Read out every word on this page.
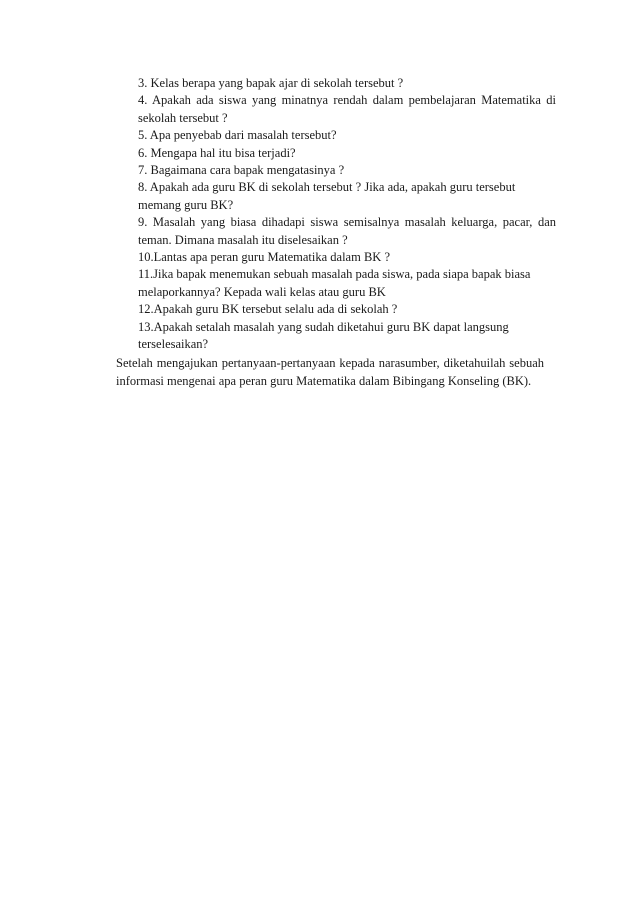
3. Kelas berapa yang bapak ajar di sekolah tersebut ?

4. Apakah ada siswa yang minatnya rendah dalam pembelajaran Matematika di

sekolah tersebut ?

5. Apa penyebab dari masalah tersebut?

6. Mengapa hal itu bisa terjadi?

7. Bagaimana cara bapak mengatasinya ?

8. Apakah ada guru BK di sekolah tersebut ? Jika ada, apakah guru tersebut

memang guru BK?

9. Masalah yang biasa dihadapi siswa semisalnya masalah keluarga, pacar, dan

teman. Dimana masalah itu diselesaikan ?

10.Lantas apa peran guru Matematika dalam BK ?

11.Jika bapak menemukan sebuah masalah pada siswa, pada siapa bapak biasa

melaporkannya? Kepada wali kelas atau guru BK

12.Apakah guru BK tersebut selalu ada di sekolah ?

13.Apakah setalah masalah yang sudah diketahui guru BK dapat langsung

terselesaikan?

Setelah mengajukan pertanyaan-pertanyaan kepada narasumber, diketahuilah sebuah

informasi mengenai apa peran guru Matematika dalam Bibingang Konseling (BK).
